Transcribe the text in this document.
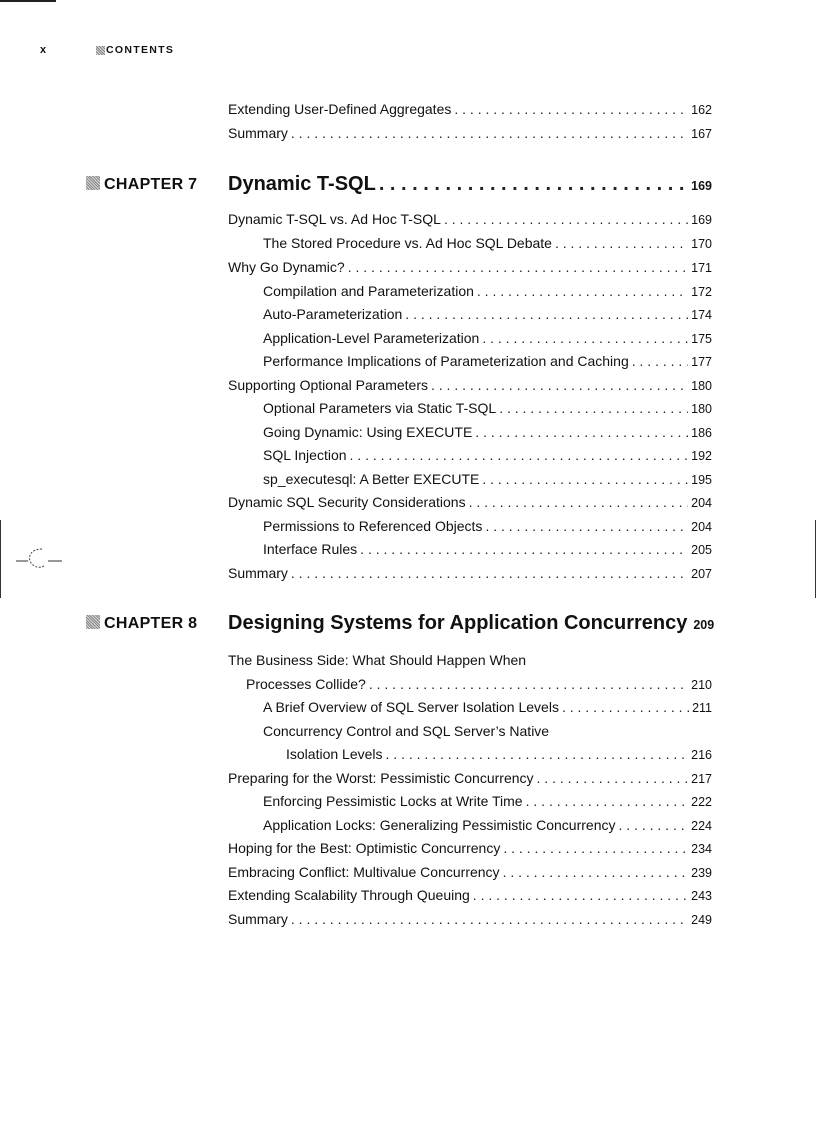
x	CONTENTS
Extending User-Defined Aggregates . . .	162
Summary . . .	167
CHAPTER 7 Dynamic T-SQL . . .	169
Dynamic T-SQL vs. Ad Hoc T-SQL . . .	169
The Stored Procedure vs. Ad Hoc SQL Debate . . .	170
Why Go Dynamic? . . .	171
Compilation and Parameterization . . .	172
Auto-Parameterization . . .	174
Application-Level Parameterization . . .	175
Performance Implications of Parameterization and Caching . . .	177
Supporting Optional Parameters . . .	180
Optional Parameters via Static T-SQL . . .	180
Going Dynamic: Using EXECUTE . . .	186
SQL Injection . . .	192
sp_executesql: A Better EXECUTE . . .	195
Dynamic SQL Security Considerations . . .	204
Permissions to Referenced Objects . . .	204
Interface Rules . . .	205
Summary . . .	207
CHAPTER 8 Designing Systems for Application Concurrency 209
The Business Side: What Should Happen When
Processes Collide? . . .	210
A Brief Overview of SQL Server Isolation Levels . . .	211
Concurrency Control and SQL Server’s Native
Isolation Levels . . .	216
Preparing for the Worst: Pessimistic Concurrency . . .	217
Enforcing Pessimistic Locks at Write Time . . .	222
Application Locks: Generalizing Pessimistic Concurrency . . .	224
Hoping for the Best: Optimistic Concurrency . . .	234
Embracing Conflict: Multivalue Concurrency . . .	239
Extending Scalability Through Queuing . . .	243
Summary . . .	249
